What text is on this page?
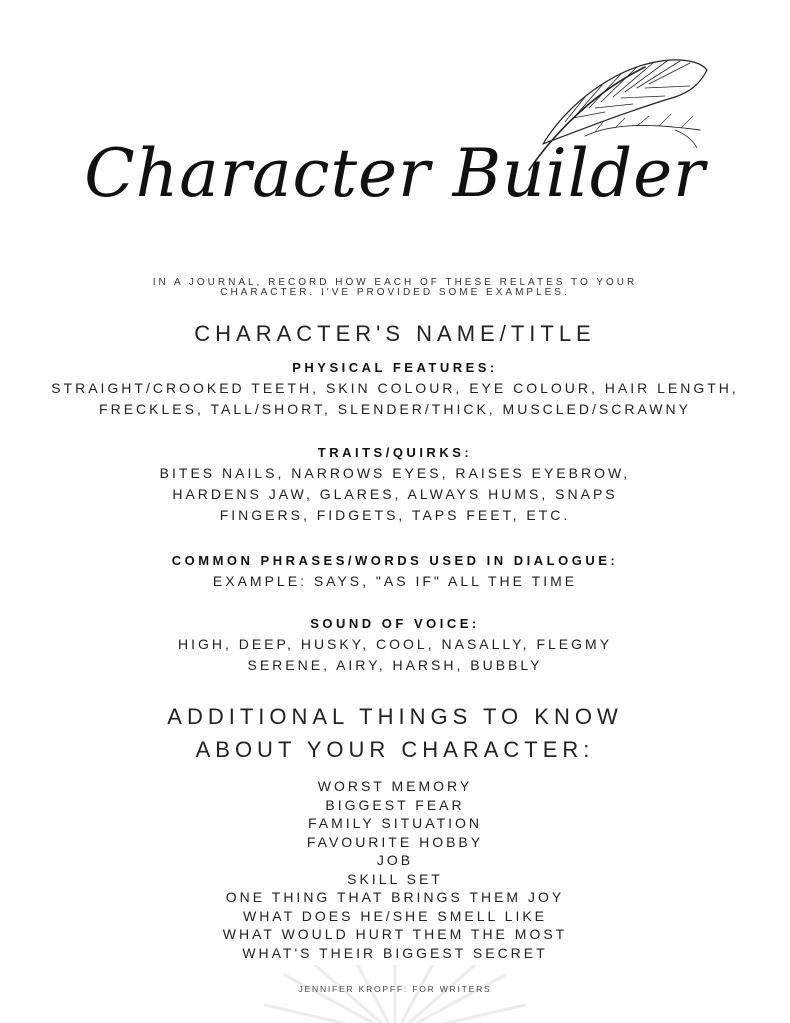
Character Builder
IN A JOURNAL, RECORD HOW EACH OF THESE RELATES TO YOUR
CHARACTER. I'VE PROVIDED SOME EXAMPLES.
CHARACTER'S NAME/TITLE
PHYSICAL FEATURES:
STRAIGHT/CROOKED TEETH, SKIN COLOUR, EYE COLOUR, HAIR LENGTH,
FRECKLES, TALL/SHORT, SLENDER/THICK, MUSCLED/SCRAWNY
TRAITS/QUIRKS:
BITES NAILS, NARROWS EYES, RAISES EYEBROW,
HARDENS JAW, GLARES, ALWAYS HUMS, SNAPS
FINGERS, FIDGETS, TAPS FEET, ETC.
COMMON PHRASES/WORDS USED IN DIALOGUE:
EXAMPLE: SAYS, "AS IF" ALL THE TIME
SOUND OF VOICE:
HIGH, DEEP, HUSKY, COOL, NASALLY, FLEGMY
SERENE, AIRY, HARSH, BUBBLY
ADDITIONAL THINGS TO KNOW
ABOUT YOUR CHARACTER:
WORST MEMORY
BIGGEST FEAR
FAMILY SITUATION
FAVOURITE HOBBY
JOB
SKILL SET
ONE THING THAT BRINGS THEM JOY
WHAT DOES HE/SHE SMELL LIKE
WHAT WOULD HURT THEM THE MOST
WHAT'S THEIR BIGGEST SECRET
JENNIFER KROPFF: FOR WRITERS
